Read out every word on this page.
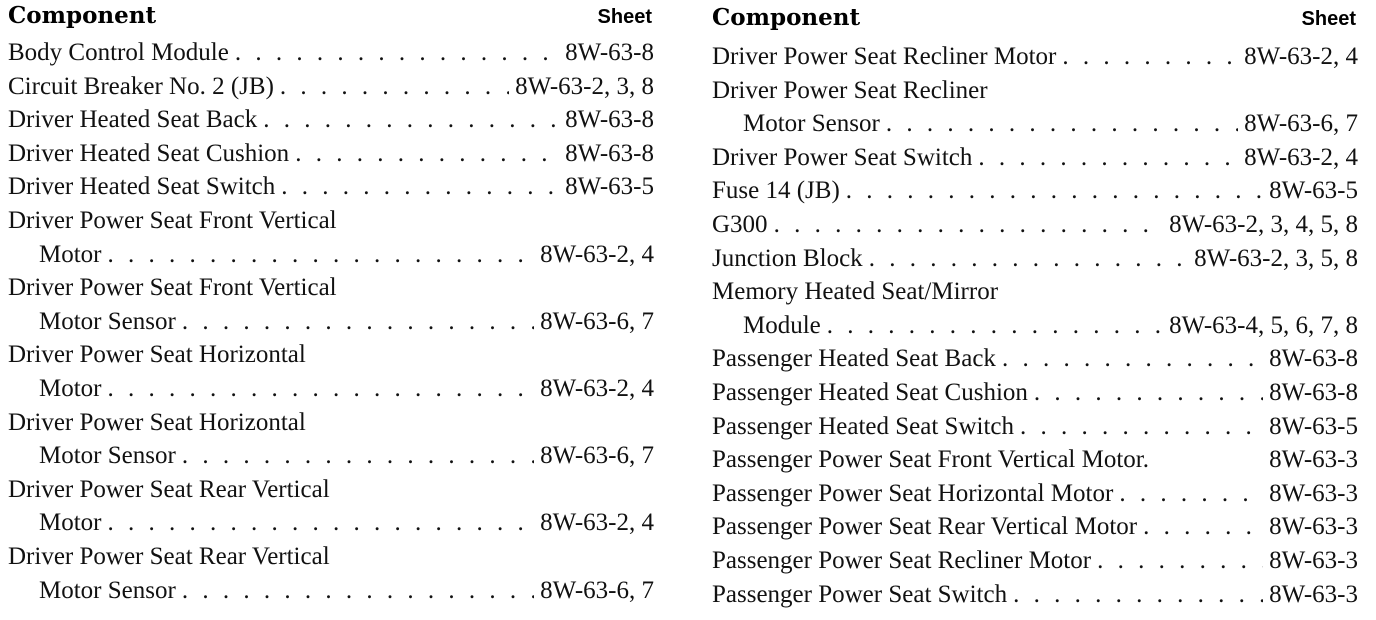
Component	Sheet
Body Control Module . . .	8W-63-8
Circuit Breaker No. 2 (JB) . . .	8W-63-2, 3, 8
Driver Heated Seat Back . . .	8W-63-8
Driver Heated Seat Cushion . . .	8W-63-8
Driver Heated Seat Switch . . .	8W-63-5
Driver Power Seat Front Vertical
Motor . . .	8W-63-2, 4
Driver Power Seat Front Vertical
Motor Sensor . . .	8W-63-6, 7
Driver Power Seat Horizontal
Motor . . .	8W-63-2, 4
Driver Power Seat Horizontal
Motor Sensor . . .	8W-63-6, 7
Driver Power Seat Rear Vertical
Motor . . .	8W-63-2, 4
Driver Power Seat Rear Vertical
Motor Sensor . . .	8W-63-6, 7
Component	Sheet
Driver Power Seat Recliner Motor . . .	8W-63-2, 4
Driver Power Seat Recliner
Motor Sensor . . .	8W-63-6, 7
Driver Power Seat Switch . . .	8W-63-2, 4
Fuse 14 (JB) . . .	8W-63-5
G300 . . .	8W-63-2, 3, 4, 5, 8
Junction Block . . .	8W-63-2, 3, 5, 8
Memory Heated Seat/Mirror
Module . . .	8W-63-4, 5, 6, 7, 8
Passenger Heated Seat Back . . .	8W-63-8
Passenger Heated Seat Cushion . . .	8W-63-8
Passenger Heated Seat Switch . . .	8W-63-5
Passenger Power Seat Front Vertical Motor.	8W-63-3
Passenger Power Seat Horizontal Motor . . .	8W-63-3
Passenger Power Seat Rear Vertical Motor . . .	8W-63-3
Passenger Power Seat Recliner Motor . . .	8W-63-3
Passenger Power Seat Switch . . .	8W-63-3
